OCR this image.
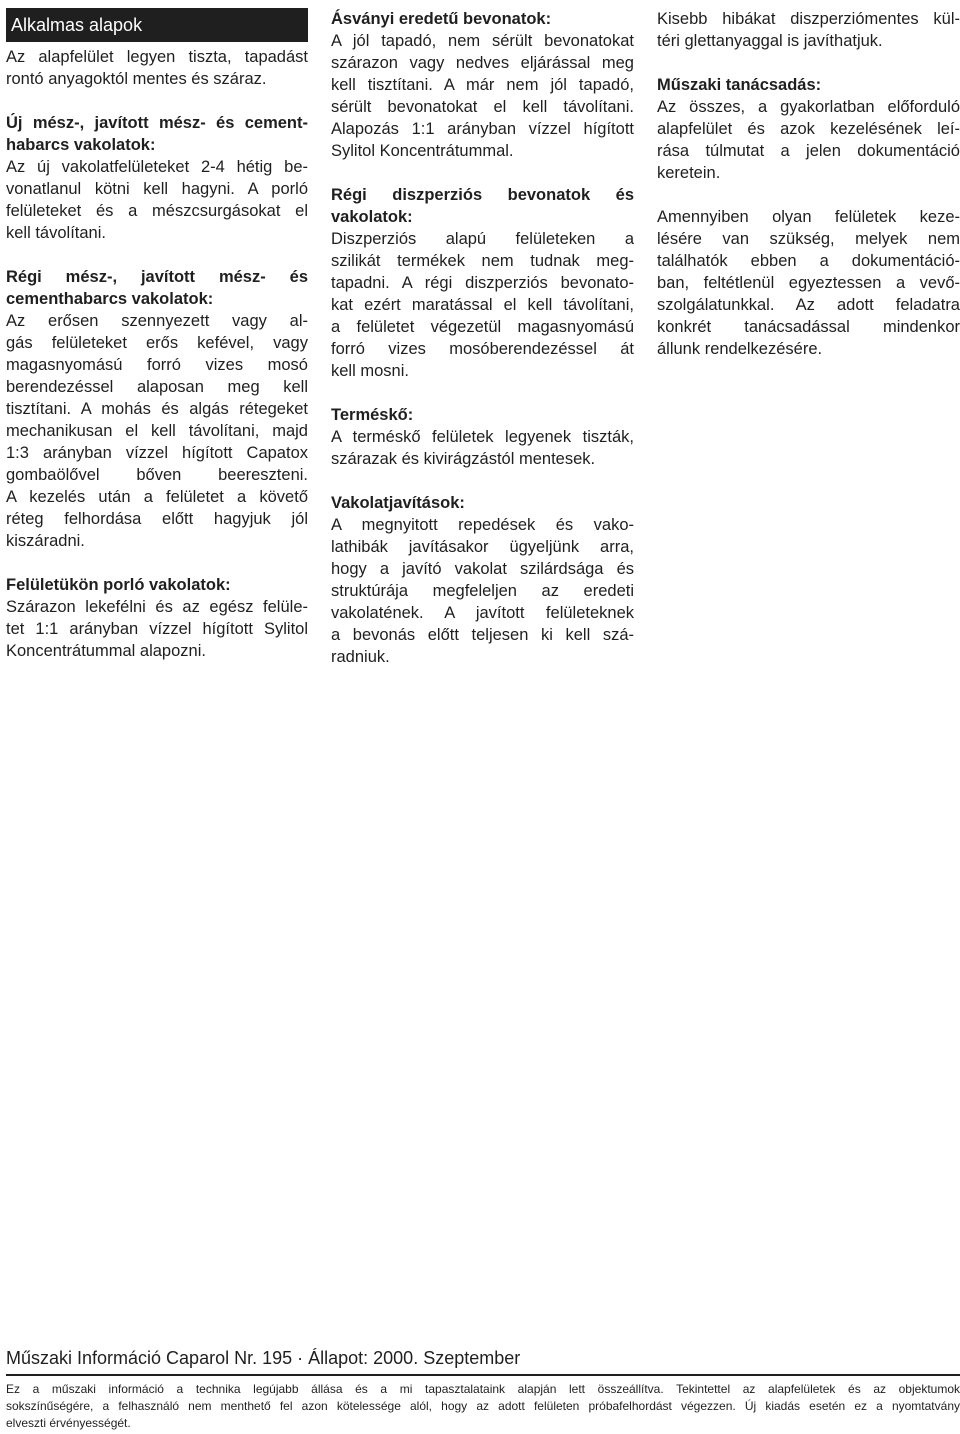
Alkalmas alapok
Az alapfelület legyen tiszta, tapadást
rontó anyagoktól mentes és száraz.
Új mész-, javított mész- és cement-
habarcs vakolatok:
Az új vakolatfelületeket 2-4 hétig be-
vonatlanul kötni kell hagyni. A porló
felületeket és a mészcsurgásokat el
kell távolítani.
Régi mész-, javított mész- és
cementhabarcs vakolatok:
Az erősen szennyezett vagy al-
gás felületeket erős kefével, vagy
magasnyomású forró vizes mosó
berendezéssel alaposan meg kell
tisztítani. A mohás és algás rétegeket
mechanikusan el kell távolítani, majd
1:3 arányban vízzel hígított Capatox
gombaölővel bőven beereszteni.
A kezelés után a felületet a követő
réteg felhordása előtt hagyjuk jól
kiszáradni.
Felületükön porló vakolatok:
Szárazon lekefélni és az egész felüle-
tet 1:1 arányban vízzel hígított Sylitol
Koncentrátummal alapozni.
Ásványi eredetű bevonatok:
A jól tapadó, nem sérült bevonatokat
szárazon vagy nedves eljárással meg
kell tisztítani. A már nem jól tapadó,
sérült bevonatokat el kell távolítani.
Alapozás 1:1 arányban vízzel hígított
Sylitol Koncentrátummal.
Régi diszperziós bevonatok és
vakolatok:
Diszperziós alapú felületeken a
szilikát termékek nem tudnak meg-
tapadni. A régi diszperziós bevonato-
kat ezért maratással el kell távolítani,
a felületet végezetül magasnyomású
forró vizes mosóberendezéssel át
kell mosni.
Terméskő:
A terméskő felületek legyenek tiszták,
szárazak és kivirágzástól mentesek.
Vakolatjavítások:
A megnyitott repedések és vako-
lathibák javításakor ügyeljünk arra,
hogy a javító vakolat szilárdsága és
struktúrája megfeleljen az eredeti
vakolatének. A javított felületeknek
a bevonás előtt teljesen ki kell szá-
radniuk.
Kisebb hibákat diszperziómentes kül-
téri glettanyaggal is javíthatjuk.
Műszaki tanácsadás:
Az összes, a gyakorlatban előforduló
alapfelület és azok kezelésének leí-
rása túlmutat a jelen dokumentáció
keretein.
Amennyiben olyan felületek keze-
lésére van szükség, melyek nem
találhatók ebben a dokumentáció-
ban, feltétlenül egyeztessen a vevő-
szolgálatunkkal. Az adott feladatra
konkrét tanácsadással mindenkor
állunk rendelkezésére.
Műszaki Információ Caparol Nr. 195 · Állapot: 2000. Szeptember
Ez a műszaki információ a technika legújabb állása és a mi tapasztalataink alapján lett összeállítva. Tekintettel az alapfelületek és az objektumok
sokszínűségére, a felhasználó nem menthető fel azon kötelessége alól, hogy az adott felületen próbafelhordást végezzen. Új kiadás esetén ez a nyomtatvány
elveszti érvényességét.
